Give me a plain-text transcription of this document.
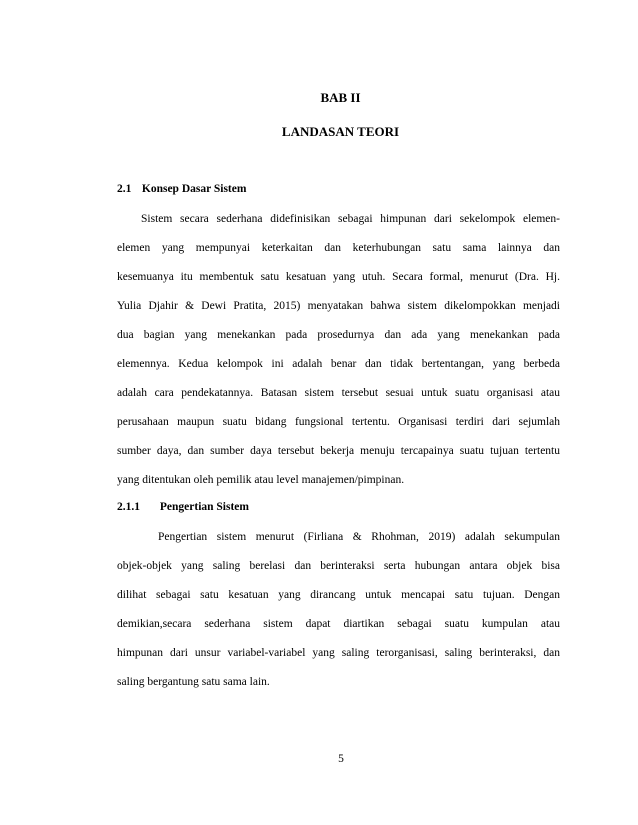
BAB II
LANDASAN TEORI
2.1 Konsep Dasar Sistem

Sistem secara sederhana didefinisikan sebagai himpunan dari sekelompok elemen-

elemen yang mempunyai keterkaitan dan keterhubungan satu sama lainnya dan

kesemuanya itu membentuk satu kesatuan yang utuh. Secara formal, menurut (Dra. Hj.

Yulia Djahir & Dewi Pratita, 2015) menyatakan bahwa sistem dikelompokkan menjadi

dua bagian yang menekankan pada prosedurnya dan ada yang menekankan pada

elemennya. Kedua kelompok ini adalah benar dan tidak bertentangan, yang berbeda

adalah cara pendekatannya. Batasan sistem tersebut sesuai untuk suatu organisasi atau

perusahaan maupun suatu bidang fungsional tertentu. Organisasi terdiri dari sejumlah

sumber daya, dan sumber daya tersebut bekerja menuju tercapainya suatu tujuan tertentu

yang ditentukan oleh pemilik atau level manajemen/pimpinan.

2.1.1 Pengertian Sistem

Pengertian sistem menurut (Firliana & Rhohman, 2019) adalah sekumpulan

objek-objek yang saling berelasi dan berinteraksi serta hubungan antara objek bisa

dilihat sebagai satu kesatuan yang dirancang untuk mencapai satu tujuan. Dengan

demikian,secara sederhana sistem dapat diartikan sebagai suatu kumpulan atau

himpunan dari unsur variabel-variabel yang saling terorganisasi, saling berinteraksi, dan

saling bergantung satu sama lain.

5
